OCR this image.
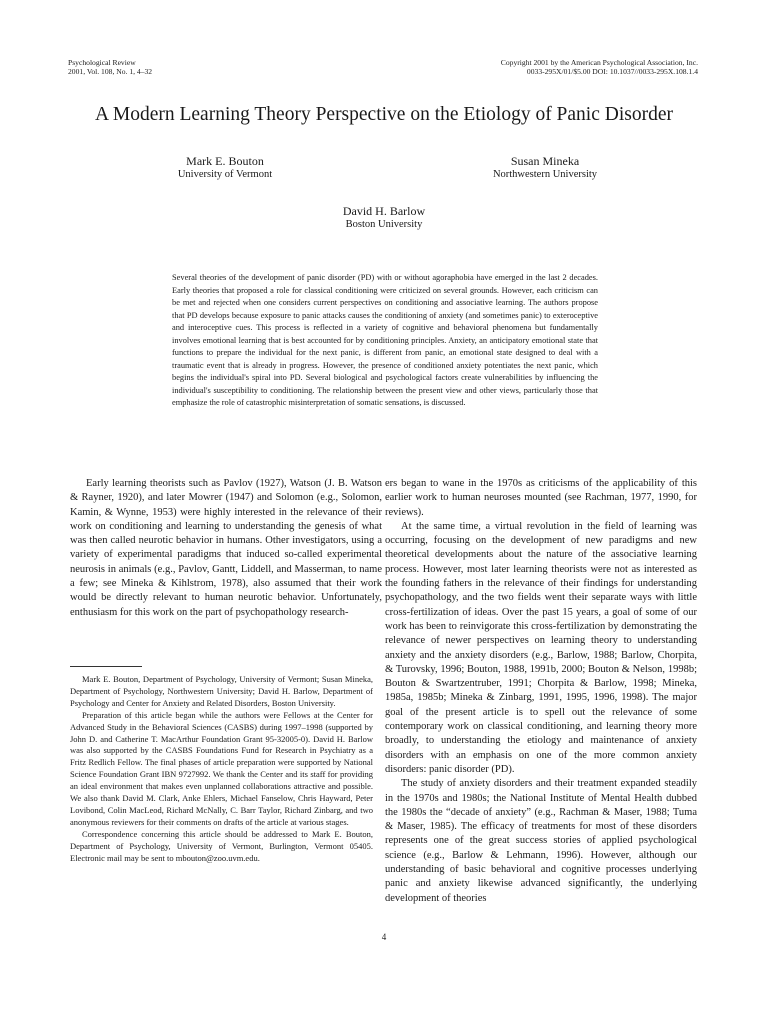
Psychological Review
2001, Vol. 108, No. 1, 4–32
Copyright 2001 by the American Psychological Association, Inc.
0033-295X/01/$5.00 DOI: 10.1037//0033-295X.108.1.4
A Modern Learning Theory Perspective on the Etiology of Panic Disorder
Mark E. Bouton
University of Vermont
Susan Mineka
Northwestern University
David H. Barlow
Boston University
Several theories of the development of panic disorder (PD) with or without agoraphobia have emerged in the last 2 decades. Early theories that proposed a role for classical conditioning were criticized on several grounds. However, each criticism can be met and rejected when one considers current perspectives on conditioning and associative learning. The authors propose that PD develops because exposure to panic attacks causes the conditioning of anxiety (and sometimes panic) to exteroceptive and interoceptive cues. This process is reflected in a variety of cognitive and behavioral phenomena but fundamentally involves emotional learning that is best accounted for by conditioning principles. Anxiety, an anticipatory emotional state that functions to prepare the individual for the next panic, is different from panic, an emotional state designed to deal with a traumatic event that is already in progress. However, the presence of conditioned anxiety potentiates the next panic, which begins the individual's spiral into PD. Several biological and psychological factors create vulnerabilities by influencing the individual's susceptibility to conditioning. The relationship between the present view and other views, particularly those that emphasize the role of catastrophic misinterpretation of somatic sensations, is discussed.

Early learning theorists such as Pavlov (1927), Watson (J. B. Watson & Rayner, 1920), and later Mowrer (1947) and Solomon (e.g., Solomon, Kamin, & Wynne, 1953) were highly interested in the relevance of their work on conditioning and learning to understanding the genesis of what was then called neurotic behavior in humans. Other investigators, using a variety of experimental paradigms that induced so-called experimental neurosis in animals (e.g., Pavlov, Gantt, Liddell, and Masserman, to name a few; see Mineka & Kihlstrom, 1978), also assumed that their work would be directly relevant to human neurotic behavior. Unfortunately, enthusiasm for this work on the part of psychopathology research-

Mark E. Bouton, Department of Psychology, University of Vermont; Susan Mineka, Department of Psychology, Northwestern University; David H. Barlow, Department of Psychology and Center for Anxiety and Related Disorders, Boston University.

Preparation of this article began while the authors were Fellows at the Center for Advanced Study in the Behavioral Sciences (CASBS) during 1997–1998 (supported by John D. and Catherine T. MacArthur Foundation Grant 95-32005-0). David H. Barlow was also supported by the CASBS Foundations Fund for Research in Psychiatry as a Fritz Redlich Fellow. The final phases of article preparation were supported by National Science Foundation Grant IBN 9727992. We thank the Center and its staff for providing an ideal environment that makes even unplanned collaborations attractive and possible. We also thank David M. Clark, Anke Ehlers, Michael Fanselow, Chris Hayward, Peter Lovibond, Colin MacLeod, Richard McNally, C. Barr Taylor, Richard Zinbarg, and two anonymous reviewers for their comments on drafts of the article at various stages.

Correspondence concerning this article should be addressed to Mark E. Bouton, Department of Psychology, University of Vermont, Burlington, Vermont 05405. Electronic mail may be sent to mbouton@zoo.uvm.edu.

ers began to wane in the 1970s as criticisms of the applicability of this earlier work to human neuroses mounted (see Rachman, 1977, 1990, for reviews).

At the same time, a virtual revolution in the field of learning was occurring, focusing on the development of new paradigms and new theoretical developments about the nature of the associative learning process. However, most later learning theorists were not as interested as the founding fathers in the relevance of their findings for understanding psychopathology, and the two fields went their separate ways with little cross-fertilization of ideas. Over the past 15 years, a goal of some of our work has been to reinvigorate this cross-fertilization by demonstrating the relevance of newer perspectives on learning theory to understanding anxiety and the anxiety disorders (e.g., Barlow, 1988; Barlow, Chorpita, & Turovsky, 1996; Bouton, 1988, 1991b, 2000; Bouton & Nelson, 1998b; Bouton & Swartzentruber, 1991; Chorpita & Barlow, 1998; Mineka, 1985a, 1985b; Mineka & Zinbarg, 1991, 1995, 1996, 1998). The major goal of the present article is to spell out the relevance of some contemporary work on classical conditioning, and learning theory more broadly, to understanding the etiology and maintenance of anxiety disorders with an emphasis on one of the more common anxiety disorders: panic disorder (PD).

The study of anxiety disorders and their treatment expanded steadily in the 1970s and 1980s; the National Institute of Mental Health dubbed the 1980s the “decade of anxiety” (e.g., Rachman & Maser, 1988; Tuma & Maser, 1985). The efficacy of treatments for most of these disorders represents one of the great success stories of applied psychological science (e.g., Barlow & Lehmann, 1996). However, although our understanding of basic behavioral and cognitive processes underlying panic and anxiety likewise advanced significantly, the underlying development of theories

4
